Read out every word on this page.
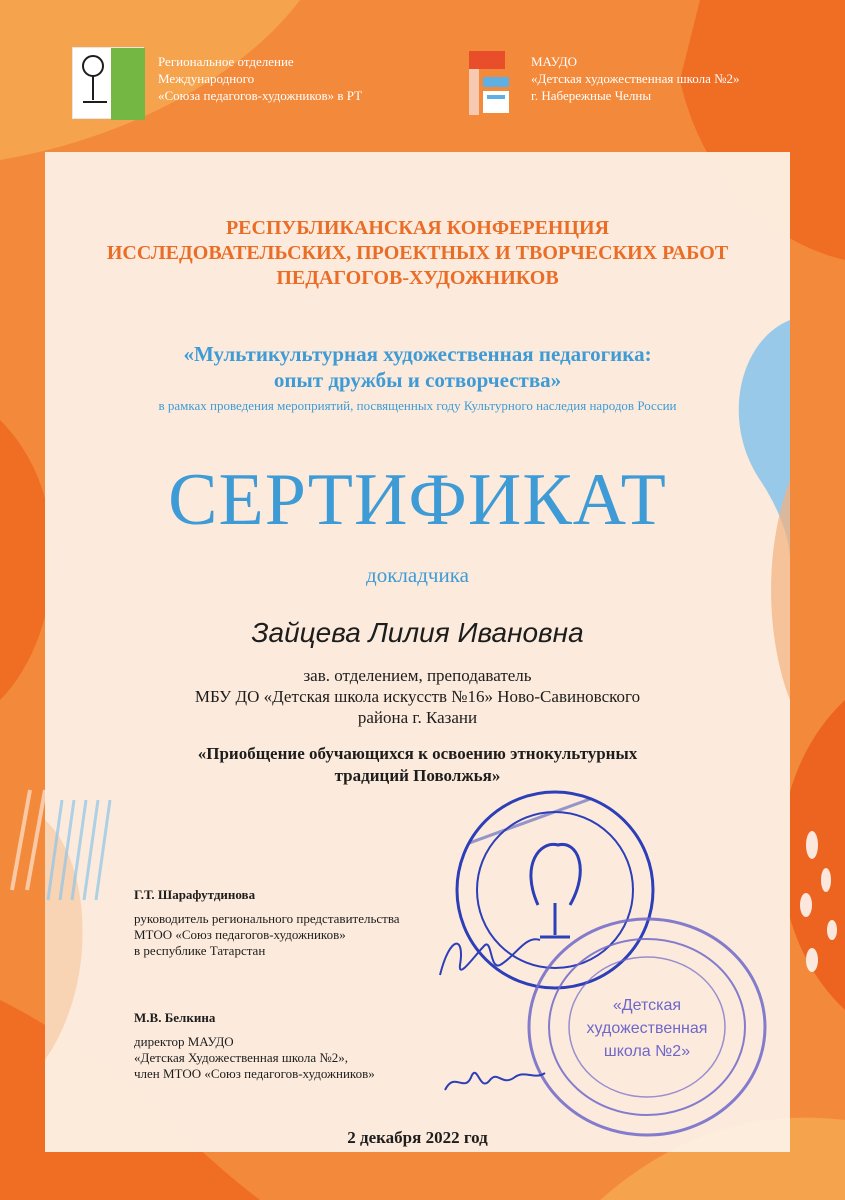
Региональное отделение
Международного
«Союза педагогов-художников» в РТ
МАУДО
«Детская художественная школа №2»
г. Набережные Челны
РЕСПУБЛИКАНСКАЯ КОНФЕРЕНЦИЯ
ИССЛЕДОВАТЕЛЬСКИХ, ПРОЕКТНЫХ И ТВОРЧЕСКИХ РАБОТ
ПЕДАГОГОВ-ХУДОЖНИКОВ
«Мультикультурная художественная педагогика:
опыт дружбы и сотворчества»
в рамках проведения мероприятий, посвященных году Культурного наследия народов России
СЕРТИФИКАТ
докладчика
Зайцева Лилия Ивановна
зав. отделением, преподаватель
МБУ ДО «Детская школа искусств №16» Ново-Савиновского
района г. Казани
«Приобщение обучающихся к освоению этнокультурных
традиций Поволжья»
Г.Т. Шарафутдинова
руководитель регионального представительства
МТОО «Союз педагогов-художников»
в республике Татарстан
М.В. Белкина
директор МАУДО
«Детская Художественная школа №2»,
член МТОО «Союз педагогов-художников»
«Детская
художественная
школа №2»
2 декабря 2022 год
